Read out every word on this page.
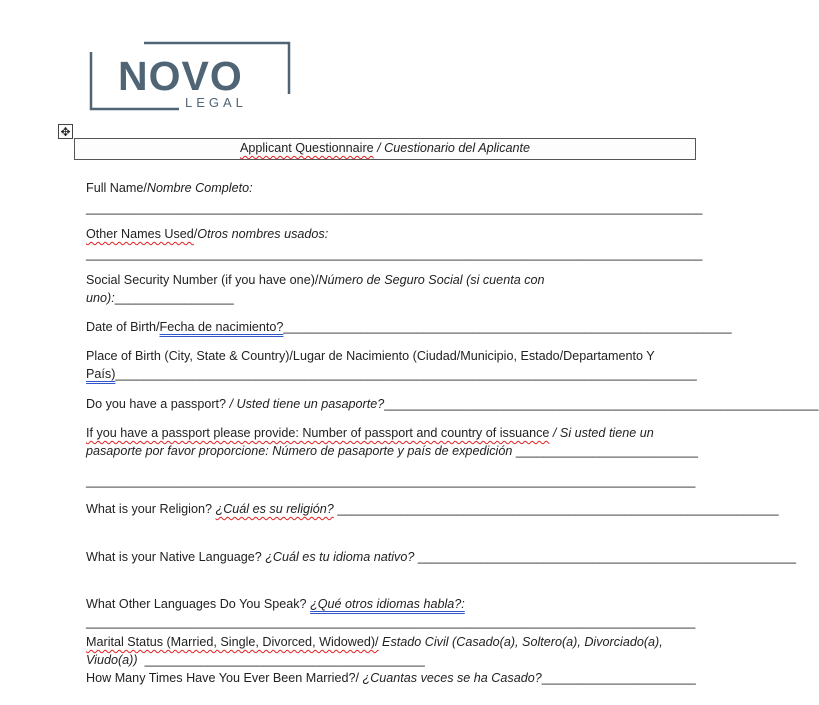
NOVO
LEGAL
✥
Applicant Questionnaire / Cuestionario del Aplicante
Full Name/Nombre Completo:
________________________________________________________________________________________
Other Names Used/Otros nombres usados:
________________________________________________________________________________________
Social Security Number (if you have one)/Número de Seguro Social (si cuenta con
uno):_________________
Date of Birth/Fecha de nacimiento?________________________________________________________________
Place of Birth (City, State & Country)/Lugar de Nacimiento (Ciudad/Municipio, Estado/Departamento Y
País)___________________________________________________________________________________
Do you have a passport? / Usted tiene un pasaporte?______________________________________________________________
If you have a passport please provide: Number of passport and country of issuance / Si usted tiene un
pasaporte por favor proporcione: Número de pasaporte y país de expedición __________________________
_______________________________________________________________________________________
What is your Religion? ¿Cuál es su religión? _______________________________________________________________
What is your Native Language? ¿Cuál es tu idioma nativo? ______________________________________________________
What Other Languages Do You Speak? ¿Qué otros idiomas habla?:
_______________________________________________________________________________________
Marital Status (Married, Single, Divorced, Widowed)/ Estado Civil (Casado(a), Soltero(a), Divorciado(a),
Viudo(a)) ________________________________________
How Many Times Have You Ever Been Married?/ ¿Cuantas veces se ha Casado?______________________
